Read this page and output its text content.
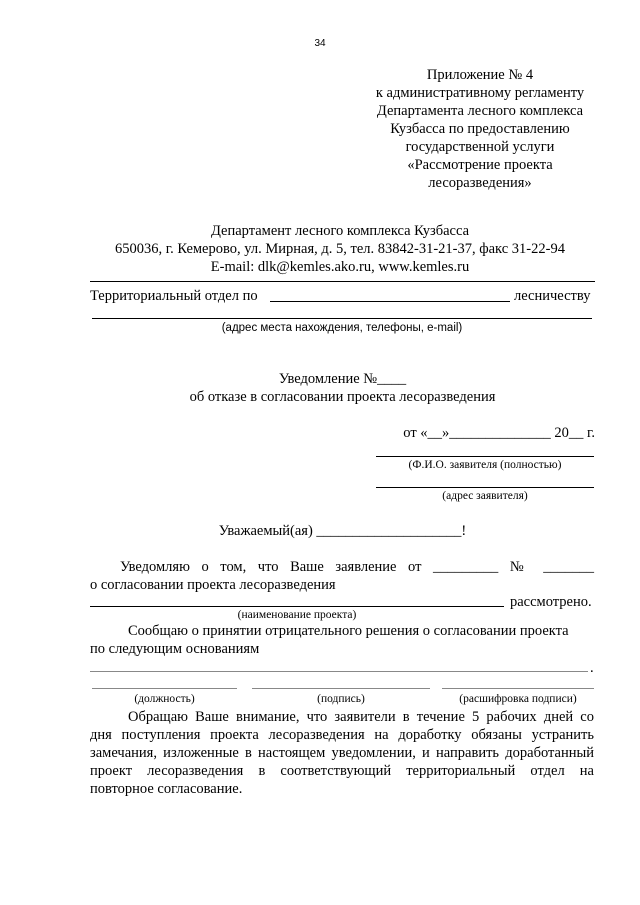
34
Приложение № 4
к административному регламенту
Департамента лесного комплекса
Кузбасса по предоставлению
государственной услуги
«Рассмотрение проекта
лесоразведения»
Департамент лесного комплекса Кузбасса
650036, г. Кемерово, ул. Мирная, д. 5, тел. 83842-31-21-37, факс 31-22-94
E-mail: dlk@kemles.ako.ru, www.kemles.ru
Территориальный отдел по	лесничеству
(адрес места нахождения, телефоны, e-mail)
Уведомление №____
об отказе в согласовании проекта лесоразведения
от «__»______________ 20__ г.
(Ф.И.О. заявителя (полностью)
(адрес заявителя)
Уважаемый(ая) ____________________!
Уведомляю о том, что Ваше заявление от _________ № _______
о согласовании проекта лесоразведения
рассмотрено.
(наименование проекта)
Сообщаю о принятии отрицательного решения о согласовании проекта
по следующим основаниям
.
(должность)	(подпись)	(расшифровка подписи)
Обращаю Ваше внимание, что заявители в течение 5 рабочих дней со
дня поступления проекта лесоразведения на доработку обязаны устранить
замечания, изложенные в настоящем уведомлении, и направить доработанный
проект лесоразведения в соответствующий территориальный отдел на
повторное согласование.
